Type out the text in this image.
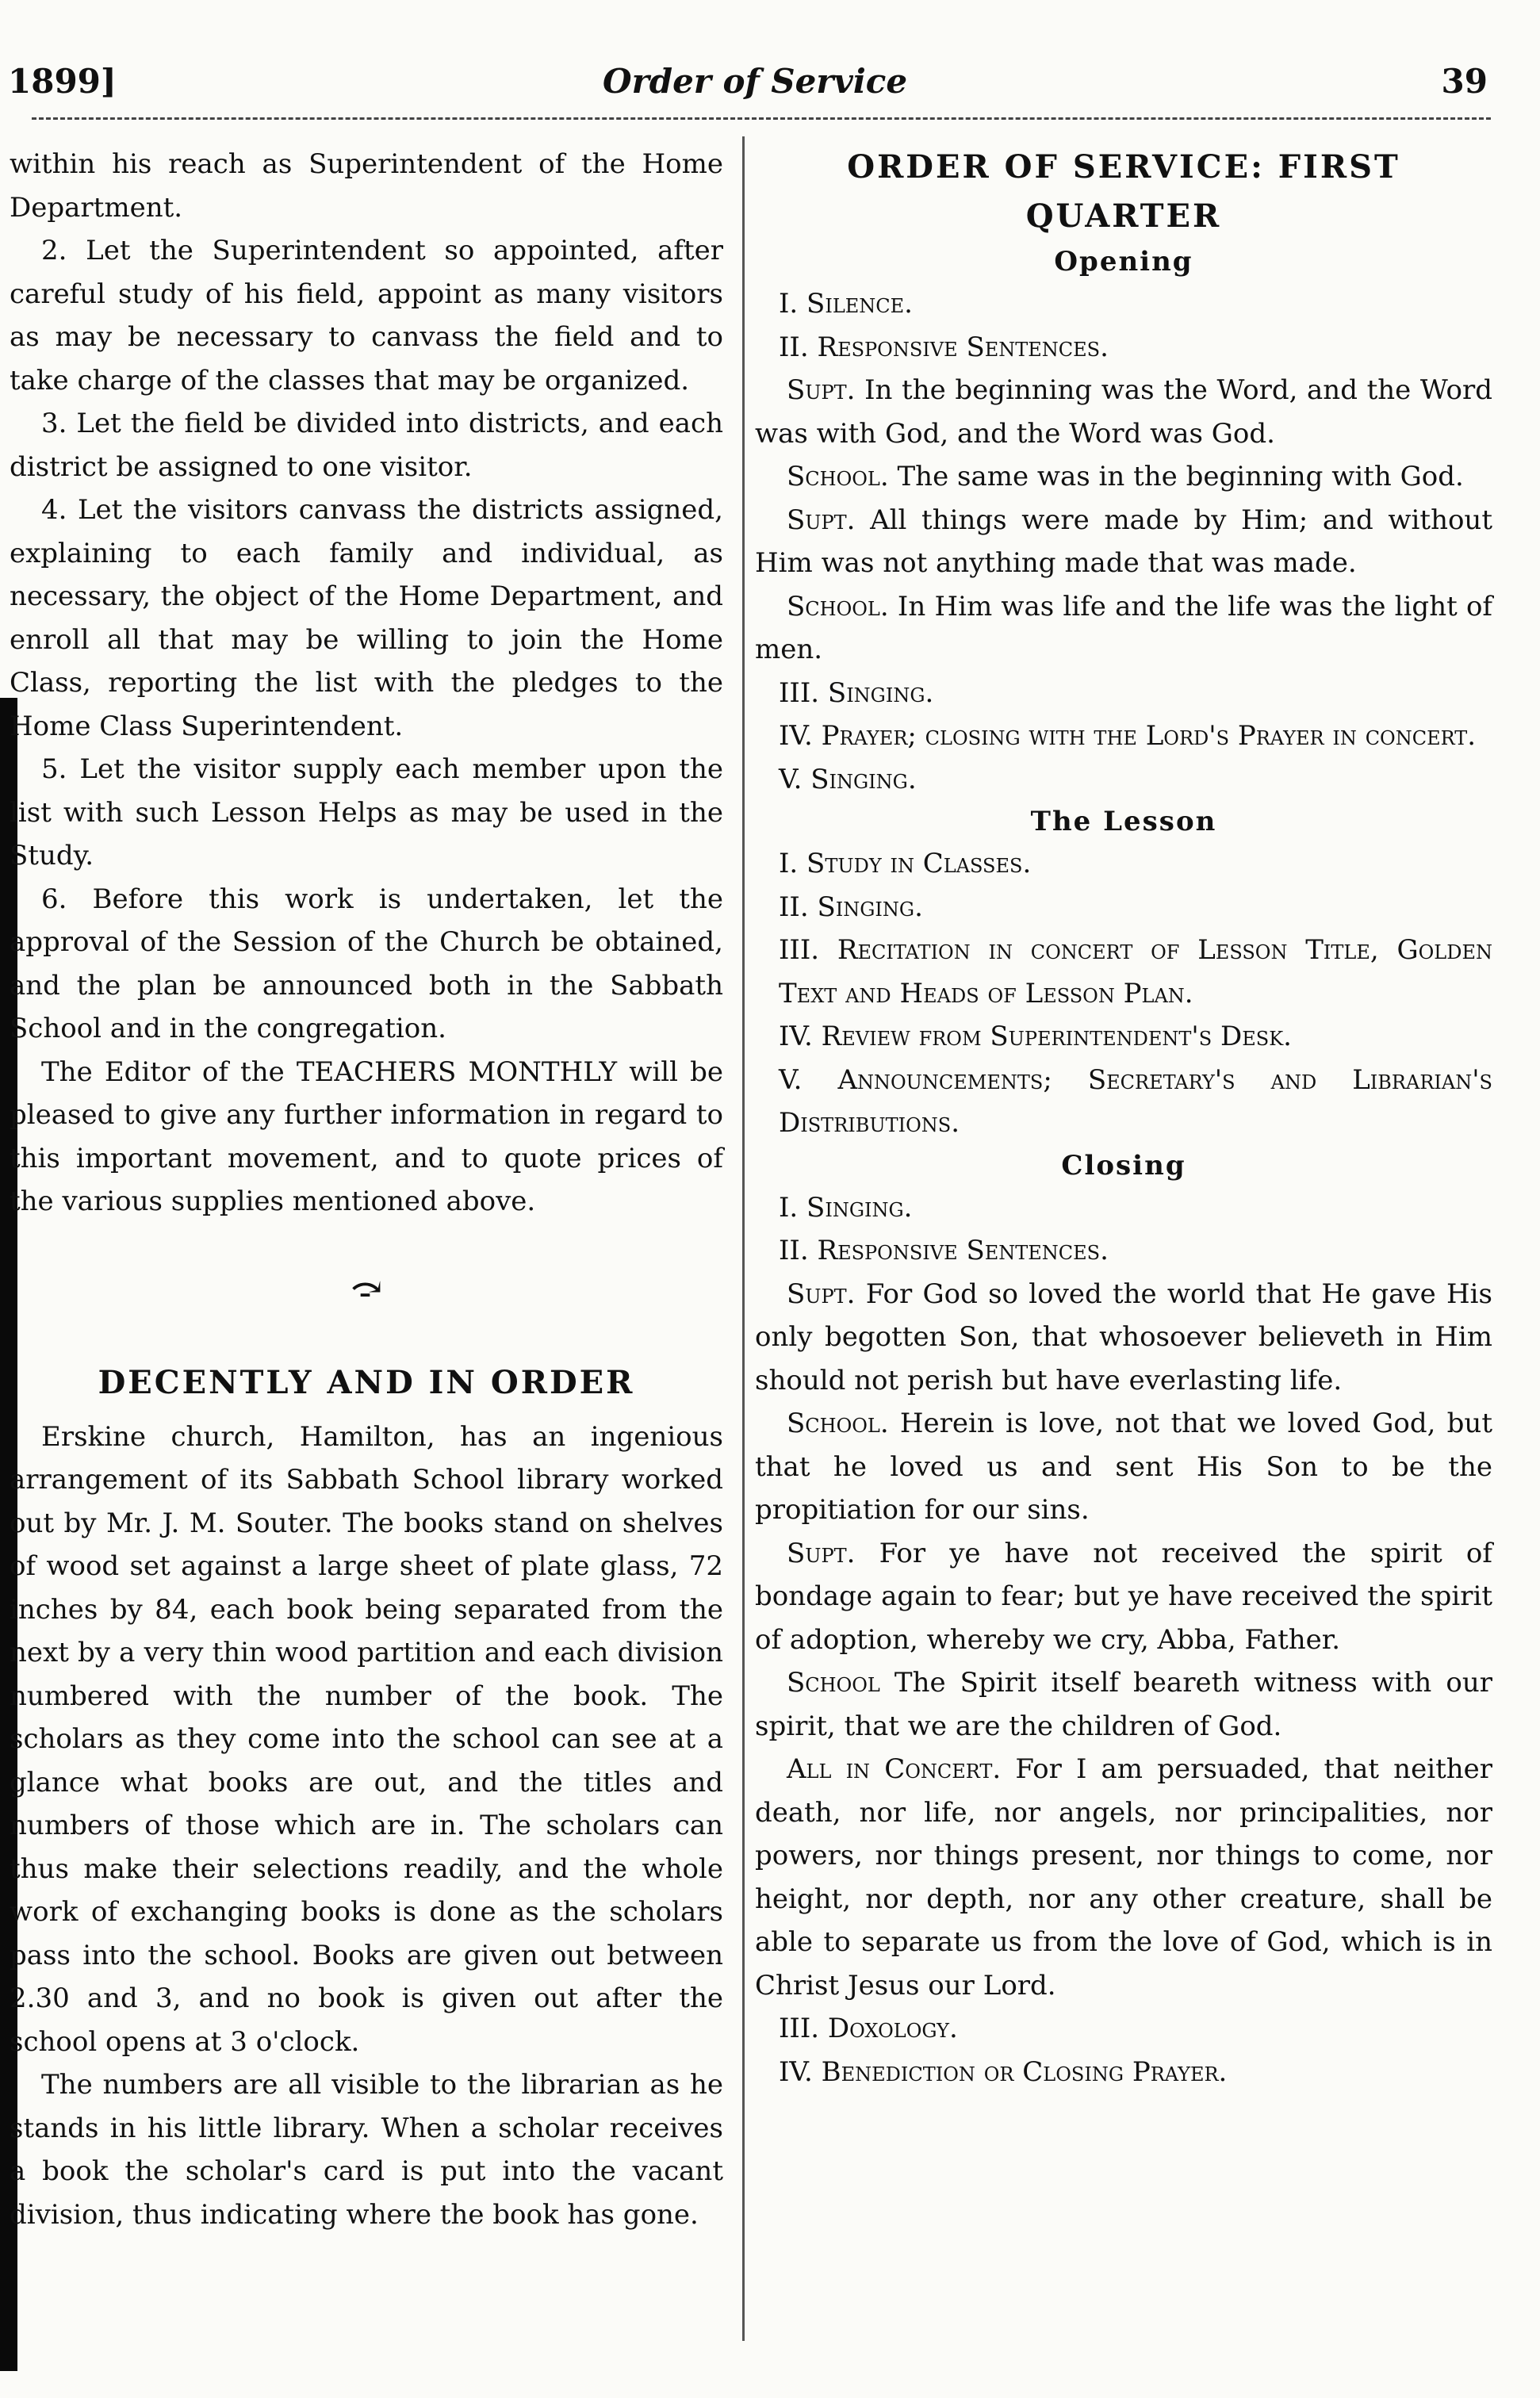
1899]	Order of Service	39

within his reach as Superintendent of the Home Department.

2. Let the Superintendent so appointed, after careful study of his field, appoint as many visitors as may be necessary to canvass the field and to take charge of the classes that may be organized.

3. Let the field be divided into districts, and each district be assigned to one visitor.

4. Let the visitors canvass the districts assigned, explaining to each family and individual, as necessary, the object of the Home Department, and enroll all that may be willing to join the Home Class, reporting the list with the pledges to the Home Class Superintendent.

5. Let the visitor supply each member upon the list with such Lesson Helps as may be used in the Study.

6. Before this work is undertaken, let the approval of the Session of the Church be obtained, and the plan be announced both in the Sabbath School and in the congregation.

The Editor of the TEACHERS MONTHLY will be pleased to give any further information in regard to this important movement, and to quote prices of the various supplies mentioned above.

⤼
DECENTLY AND IN ORDER

Erskine church, Hamilton, has an ingenious arrangement of its Sabbath School library worked out by Mr. J. M. Souter. The books stand on shelves of wood set against a large sheet of plate glass, 72 inches by 84, each book being separated from the next by a very thin wood partition and each division numbered with the number of the book. The scholars as they come into the school can see at a glance what books are out, and the titles and numbers of those which are in. The scholars can thus make their selections readily, and the whole work of exchanging books is done as the scholars pass into the school. Books are given out between 2.30 and 3, and no book is given out after the school opens at 3 o'clock.

The numbers are all visible to the librarian as he stands in his little library. When a scholar receives a book the scholar's card is put into the vacant division, thus indicating where the book has gone.

ORDER OF SERVICE: FIRST QUARTER
Opening

I. Silence.

II. Responsive Sentences.

Supt. In the beginning was the Word, and the Word was with God, and the Word was God.

School. The same was in the beginning with God.

Supt. All things were made by Him; and without Him was not anything made that was made.

School. In Him was life and the life was the light of men.

III. Singing.

IV. Prayer; closing with the Lord's Prayer in concert.

V. Singing.

The Lesson

I. Study in Classes.

II. Singing.

III. Recitation in concert of Lesson Title, Golden Text and Heads of Lesson Plan.

IV. Review from Superintendent's Desk.

V. Announcements; Secretary's and Librarian's Distributions.

Closing

I. Singing.

II. Responsive Sentences.

Supt. For God so loved the world that He gave His only begotten Son, that whosoever believeth in Him should not perish but have everlasting life.

School. Herein is love, not that we loved God, but that he loved us and sent His Son to be the propitiation for our sins.

Supt. For ye have not received the spirit of bondage again to fear; but ye have received the spirit of adoption, whereby we cry, Abba, Father.

School The Spirit itself beareth witness with our spirit, that we are the children of God.

All in Concert. For I am persuaded, that neither death, nor life, nor angels, nor principalities, nor powers, nor things present, nor things to come, nor height, nor depth, nor any other creature, shall be able to separate us from the love of God, which is in Christ Jesus our Lord.

III. Doxology.

IV. Benediction or Closing Prayer.
